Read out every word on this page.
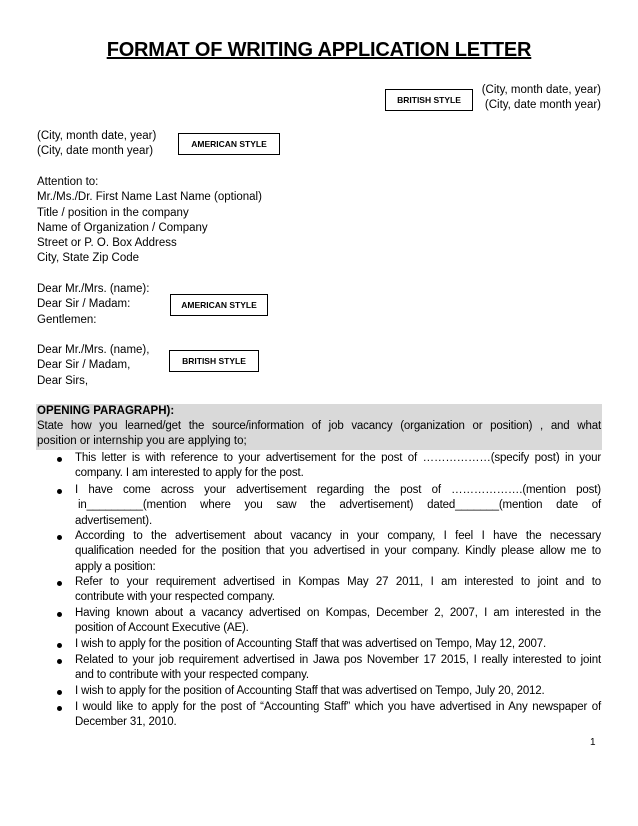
FORMAT OF WRITING APPLICATION LETTER
BRITISH STYLE
(City, month date, year)
(City, date month year)
(City, month date, year)
(City, date month year)
AMERICAN STYLE
Attention to:
Mr./Ms./Dr. First Name Last Name (optional)
Title / position in the company
Name of Organization / Company
Street or P. O. Box Address
City, State Zip Code
Dear Mr./Mrs. (name):
Dear Sir / Madam:
Gentlemen:
AMERICAN STYLE
Dear Mr./Mrs. (name),
Dear Sir / Madam,
Dear Sirs,
BRITISH STYLE
OPENING PARAGRAPH):
State how you learned/get the source/information of job vacancy (organization or position) , and what
position or internship you are applying to;
This letter is with reference to your advertisement for the post of ………………(specify post) in your
company. I am interested to apply for the post.
I have come across your advertisement regarding the post of ……………….(mention post)
in_________(mention where you saw the advertisement) dated_______(mention date of
advertisement).
According to the advertisement about vacancy in your company, I feel I have the necessary
qualification needed for the position that you advertised in your company. Kindly please allow me to
apply a position:
Refer to your requirement advertised in Kompas May 27 2011, I am interested to joint and to
contribute with your respected company.
Having known about a vacancy advertised on Kompas, December 2, 2007, I am interested in the
position of Account Executive (AE).
I wish to apply for the position of Accounting Staff that was advertised on Tempo, May 12, 2007.
Related to your job requirement advertised in Jawa pos November 17 2015, I really interested to joint
and to contribute with your respected company.
I wish to apply for the position of Accounting Staff that was advertised on Tempo, July 20, 2012.
I would like to apply for the post of “Accounting Staff” which you have advertised in Any newspaper of
December 31, 2010.
1
